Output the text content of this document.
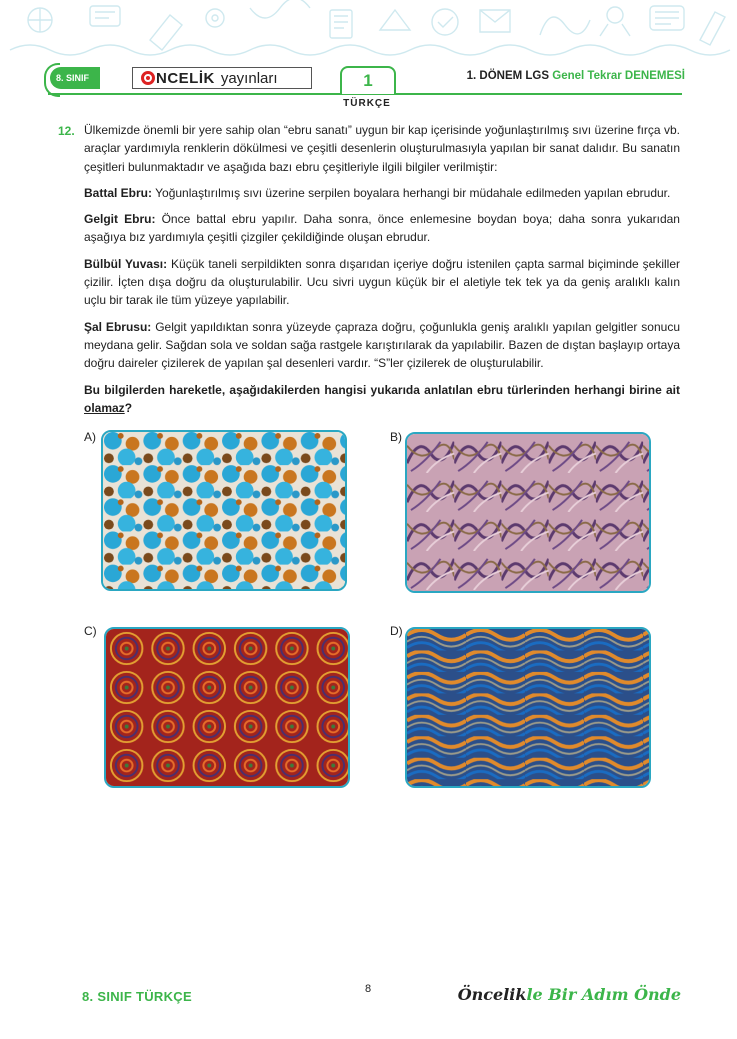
8. SINIF	NCELİK yayınları	1
TÜRKÇE
1. DÖNEM LGS Genel Tekrar DENEMESİ
12. Ülkemizde önemli bir yere sahip olan “ebru sanatı” uygun bir kap içerisinde yoğunlaştırılmış sıvı üzerine fırça vb. araçlar yardımıyla renklerin dökülmesi ve çeşitli desenlerin oluşturulmasıyla yapılan bir sanat dalıdır. Bu sanatın çeşitleri bulunmaktadır ve aşağıda bazı ebru çeşitleriyle ilgili bilgiler verilmiştir:

Battal Ebru: Yoğunlaştırılmış sıvı üzerine serpilen boyalara herhangi bir müdahale edilmeden yapılan ebrudur.

Gelgit Ebru: Önce battal ebru yapılır. Daha sonra, önce enlemesine boydan boya; daha sonra yukarıdan aşağıya bız yardımıyla çeşitli çizgiler çekildiğinde oluşan ebrudur.

Bülbül Yuvası: Küçük taneli serpildikten sonra dışarıdan içeriye doğru istenilen çapta sarmal biçiminde şekiller çizilir. İçten dışa doğru da oluşturulabilir. Ucu sivri uygun küçük bir el aletiyle tek tek ya da geniş aralıklı kalın uçlu bir tarak ile tüm yüzeye yapılabilir.

Şal Ebrusu: Gelgit yapıldıktan sonra yüzeyde çapraza doğru, çoğunlukla geniş aralıklı yapılan gelgitler sonucu meydana gelir. Sağdan sola ve soldan sağa rastgele karıştırılarak da yapılabilir. Bazen de dıştan başlayıp ortaya doğru daireler çizilerek de yapılan şal desenleri vardır. “S”ler çizilerek de oluşturulabilir.

Bu bilgilerden hareketle, aşağıdakilerden hangisi yukarıda anlatılan ebru türlerinden herhangi birine ait olamaz?

A)	B)
C)	D)
8. SINIF TÜRKÇE	8	Öncelikle Bir Adım Önde
